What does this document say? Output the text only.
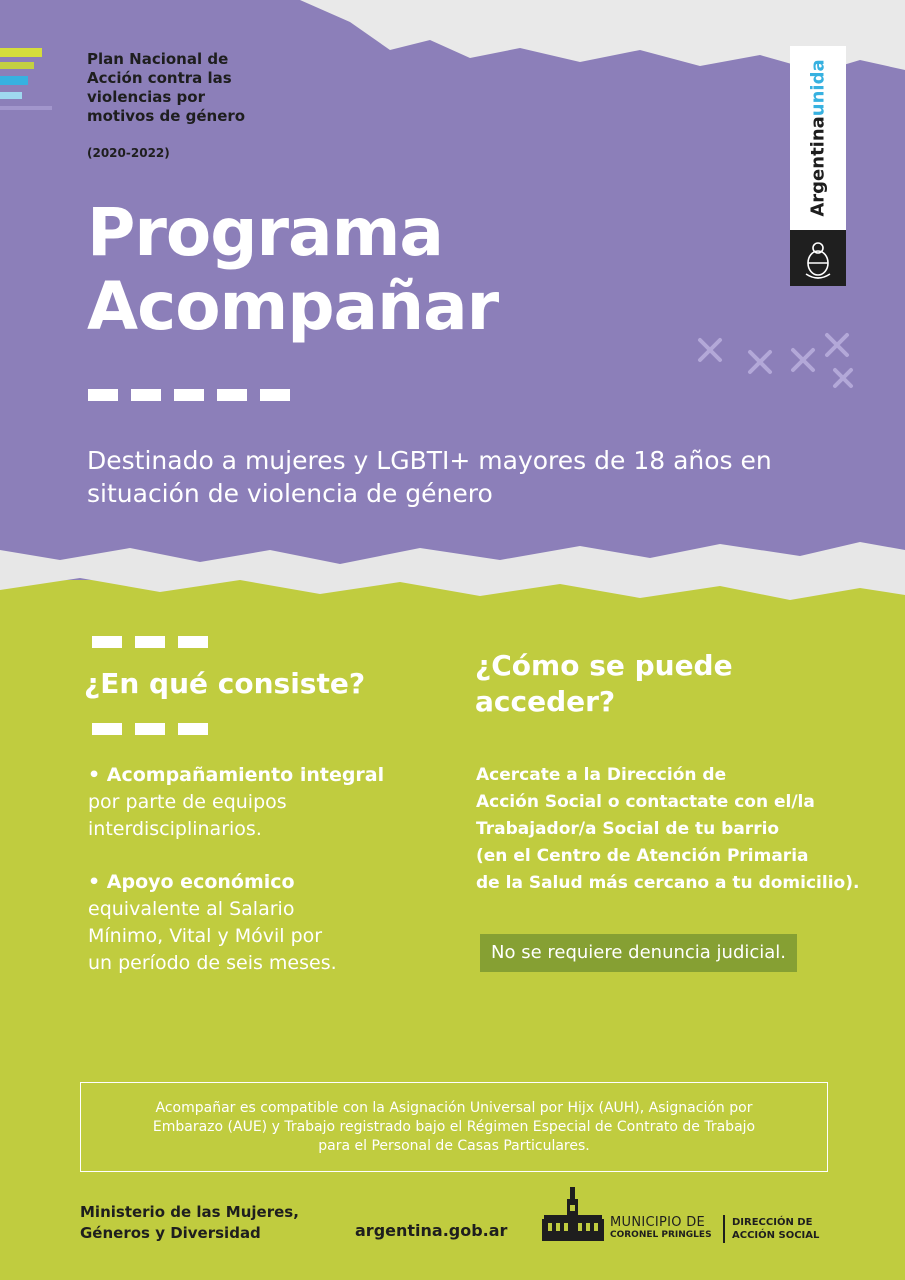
Plan Nacional de
Acción contra las
violencias por
motivos de género
(2020-2022)	Argentinaunida
Programa
Acompañar
Destinado a mujeres y LGBTI+ mayores de 18 años en
situación de violencia de género
¿En qué consiste?

• Acompañamiento integral
por parte de equipos
interdisciplinarios.

• Apoyo económico
equivalente al Salario
Mínimo, Vital y Móvil por
un período de seis meses.

¿Cómo se puede
acceder?
Acercate a la Dirección de
Acción Social o contactate con el/la
Trabajador/a Social de tu barrio
(en el Centro de Atención Primaria
de la Salud más cercano a tu domicilio).
No se requiere denuncia judicial.
Acompañar es compatible con la Asignación Universal por Hijx (AUH), Asignación por
Embarazo (AUE) y Trabajo registrado bajo el Régimen Especial de Contrato de Trabajo
para el Personal de Casas Particulares.
Ministerio de las Mujeres,
Géneros y Diversidad	argentina.gob.ar	MUNICIPIO DE
CORONEL PRINGLES
DIRECCIÓN DE
ACCIÓN SOCIAL
